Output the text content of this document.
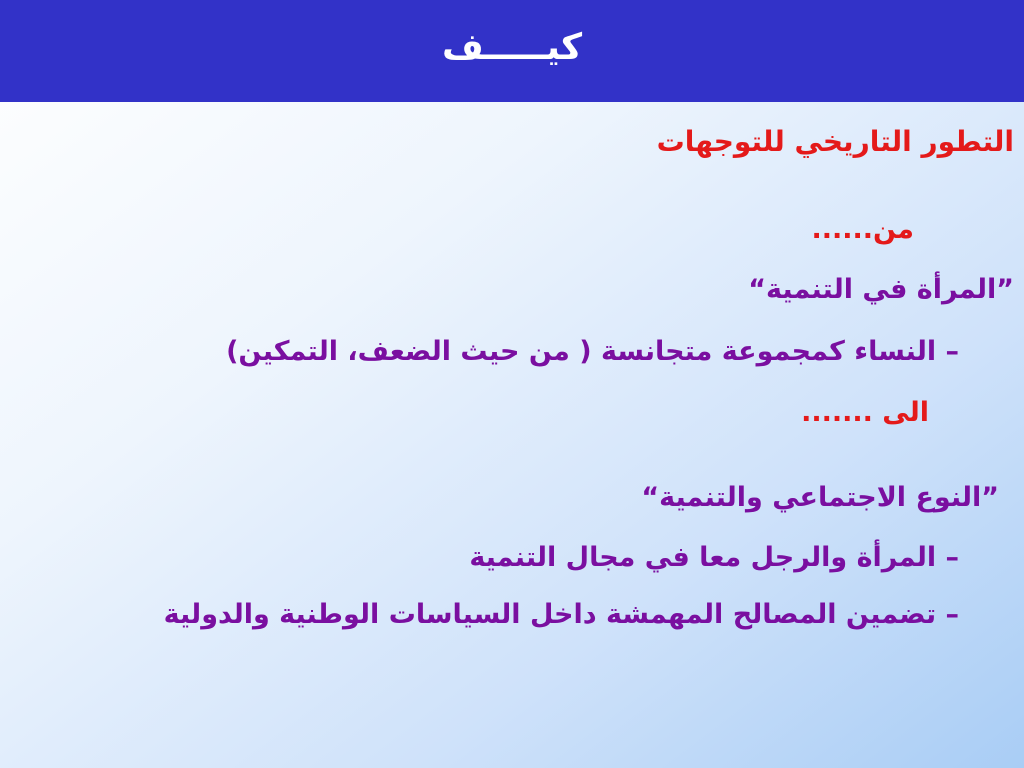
كيـــــف
التطور التاريخي للتوجهات
من......
”المرأة في التنمية“
– النساء كمجموعة متجانسة ( من حيث الضعف، التمكين)
الى .......
”النوع الاجتماعي والتنمية“
– المرأة والرجل معا في مجال التنمية
– تضمين المصالح المهمشة داخل السياسات الوطنية والدولية
